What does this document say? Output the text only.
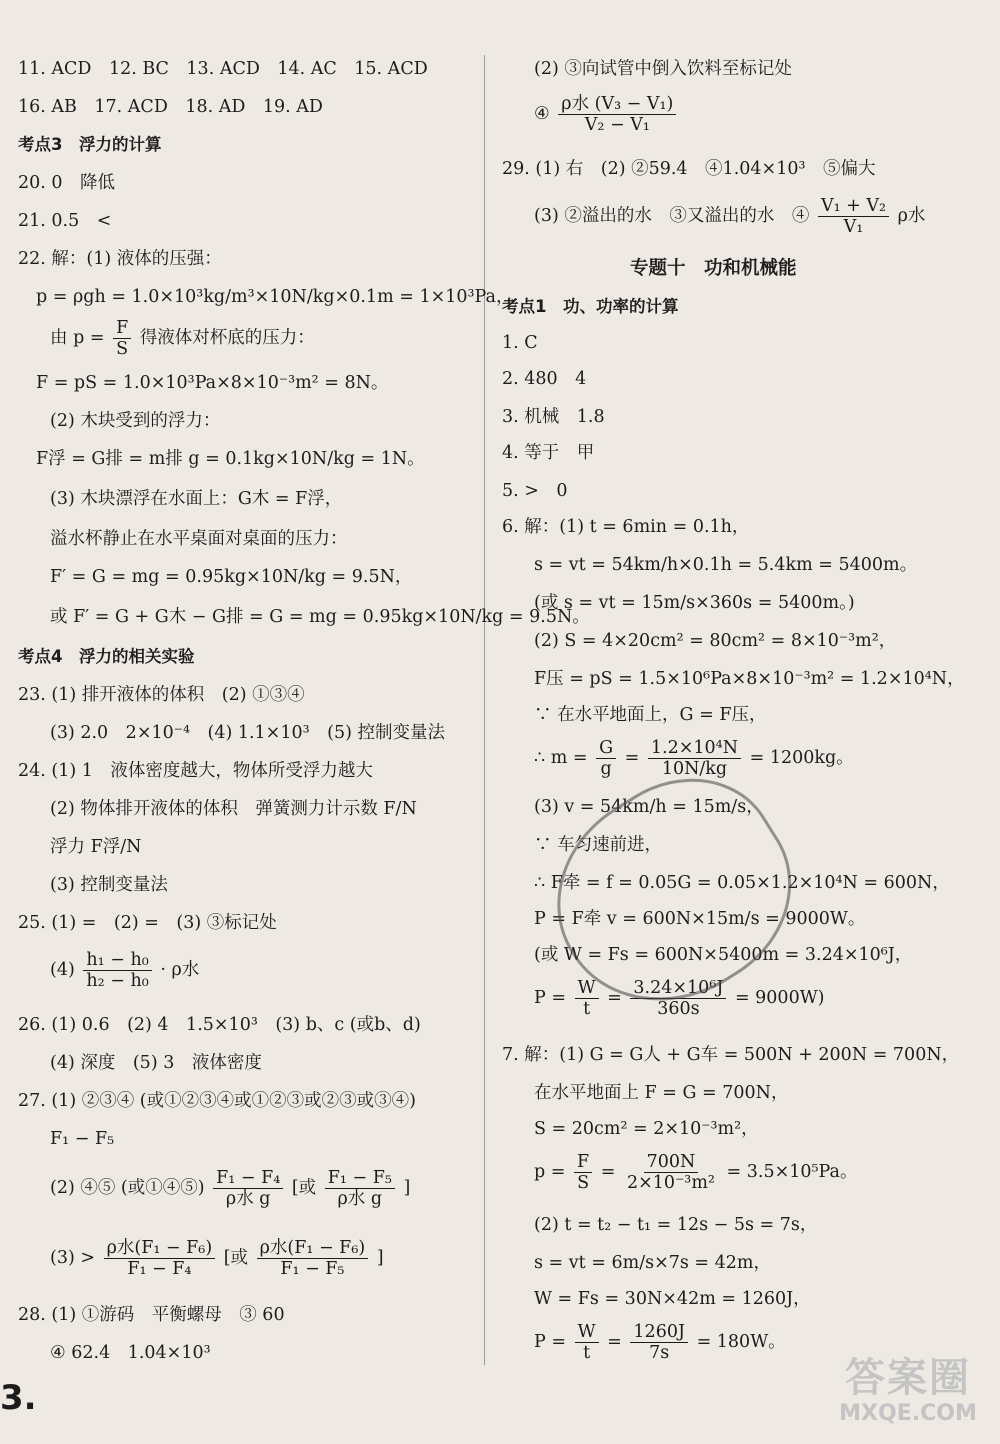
11. ACD　12. BC　13. ACD　14. AC　15. ACD
16. AB　17. ACD　18. AD　19. AD
考点3　浮力的计算
20. 0　降低
21. 0.5　<
22. 解：(1) 液体的压强：
p = ρgh = 1.0×10³kg/m³×10N/kg×0.1m = 1×10³Pa，
由 $p = \frac{F}{S}$ 得液体对杯底的压力：
F = pS = 1.0×10³Pa×8×10⁻³m² = 8N。
(2) 木块受到的浮力：
F浮 = G排 = m排 g = 0.1kg×10N/kg = 1N。
(3) 木块漂浮在水面上：G木 = F浮，
溢水杯静止在水平桌面对桌面的压力：
F′ = G = mg = 0.95kg×10N/kg = 9.5N，
或 F′ = G + G木 − G排 = G = mg = 0.95kg×10N/kg = 9.5N。
考点4　浮力的相关实验
23. (1) 排开液体的体积　(2) ①③④
(3) 2.0　2×10⁻⁴　(4) 1.1×10³　(5) 控制变量法
24. (1) 1　液体密度越大，物体所受浮力越大
(2) 物体排开液体的体积　弹簧测力计示数 F/N
浮力 F浮/N
(3) 控制变量法
25. (1) =　(2) =　(3) ③标记处
$(4) \frac{\text{h₁ − h₀}}{\text{h₂ − h₀}} \cdot \rho$水
26. (1) 0.6　(2) 4　1.5×10³　(3) b、c (或b、d)
(4) 深度　(5) 3　液体密度
27. (1) ②③④ (或①②③④或①②③或②③或③④)
F₁ − F₅
(2) ④⑤ (或①④⑤) $\frac{\text{F₁ − F₄}}{\text{ρ水 g}}$ [或 $\frac{\text{F₁ − F₅}}{\text{ρ水 g}}$ ]
$(3) > \frac{\text{ρ水(F₁ − F₆)}}{\text{F₁ − F₄}}$ [或 $\frac{\text{ρ水(F₁ − F₆)}}{\text{F₁ − F₅}}$ ]
28. (1) ①游码　平衡螺母　③ 60
④ 62.4　1.04×10³
(2) ③向试管中倒入饮料至标记处
④ $\frac{\text{ρ水 (V₃ − V₁)}}{\text{V₂ − V₁}}$
29. (1) 右　(2) ②59.4　④1.04×10³　⑤偏大
(3) ②溢出的水　③又溢出的水　④ $\frac{\text{V₁ + V₂}}{\text{V₁}}$ ρ水
专题十　功和机械能
考点1　功、功率的计算
1. C
2. 480　4
3. 机械　1.8
4. 等于　甲
5. >　0
6. 解：(1) t = 6min = 0.1h，
s = vt = 54km/h×0.1h = 5.4km = 5400m。
(或 s = vt = 15m/s×360s = 5400m。)
(2) S = 4×20cm² = 80cm² = 8×10⁻³m²，
F压 = pS = 1.5×10⁶Pa×8×10⁻³m² = 1.2×10⁴N，
∵ 在水平地面上，G = F压，
∴ $m = \frac{G}{g} = \frac{\text{1.2×10⁴N}}{10N/kg} = 1200kg$。
(3) v = 54km/h = 15m/s，
∵ 车匀速前进，
∴ F牵 = f = 0.05G = 0.05×1.2×10⁴N = 600N，
P = F牵 v = 600N×15m/s = 9000W。
(或 W = Fs = 600N×5400m = 3.24×10⁶J，
$P = \frac{W}{t} = \frac{\text{3.24×10⁶J}}{360s} = 9000W$)
7. 解：(1) G = G人 + G车 = 500N + 200N = 700N，
在水平地面上 F = G = 700N，
S = 20cm² = 2×10⁻³m²，
$p = \frac{F}{S} = \frac{700N}{\text{2×10⁻³m²}} = 3.5\times 10^5Pa$。
(2) t = t₂ − t₁ = 12s − 5s = 7s，
s = vt = 6m/s×7s = 42m，
W = Fs = 30N×42m = 1260J，
$P = \frac{W}{t} = \frac{1260J}{7s} = 180W$。
3.	答案圈
MXQE.COM
